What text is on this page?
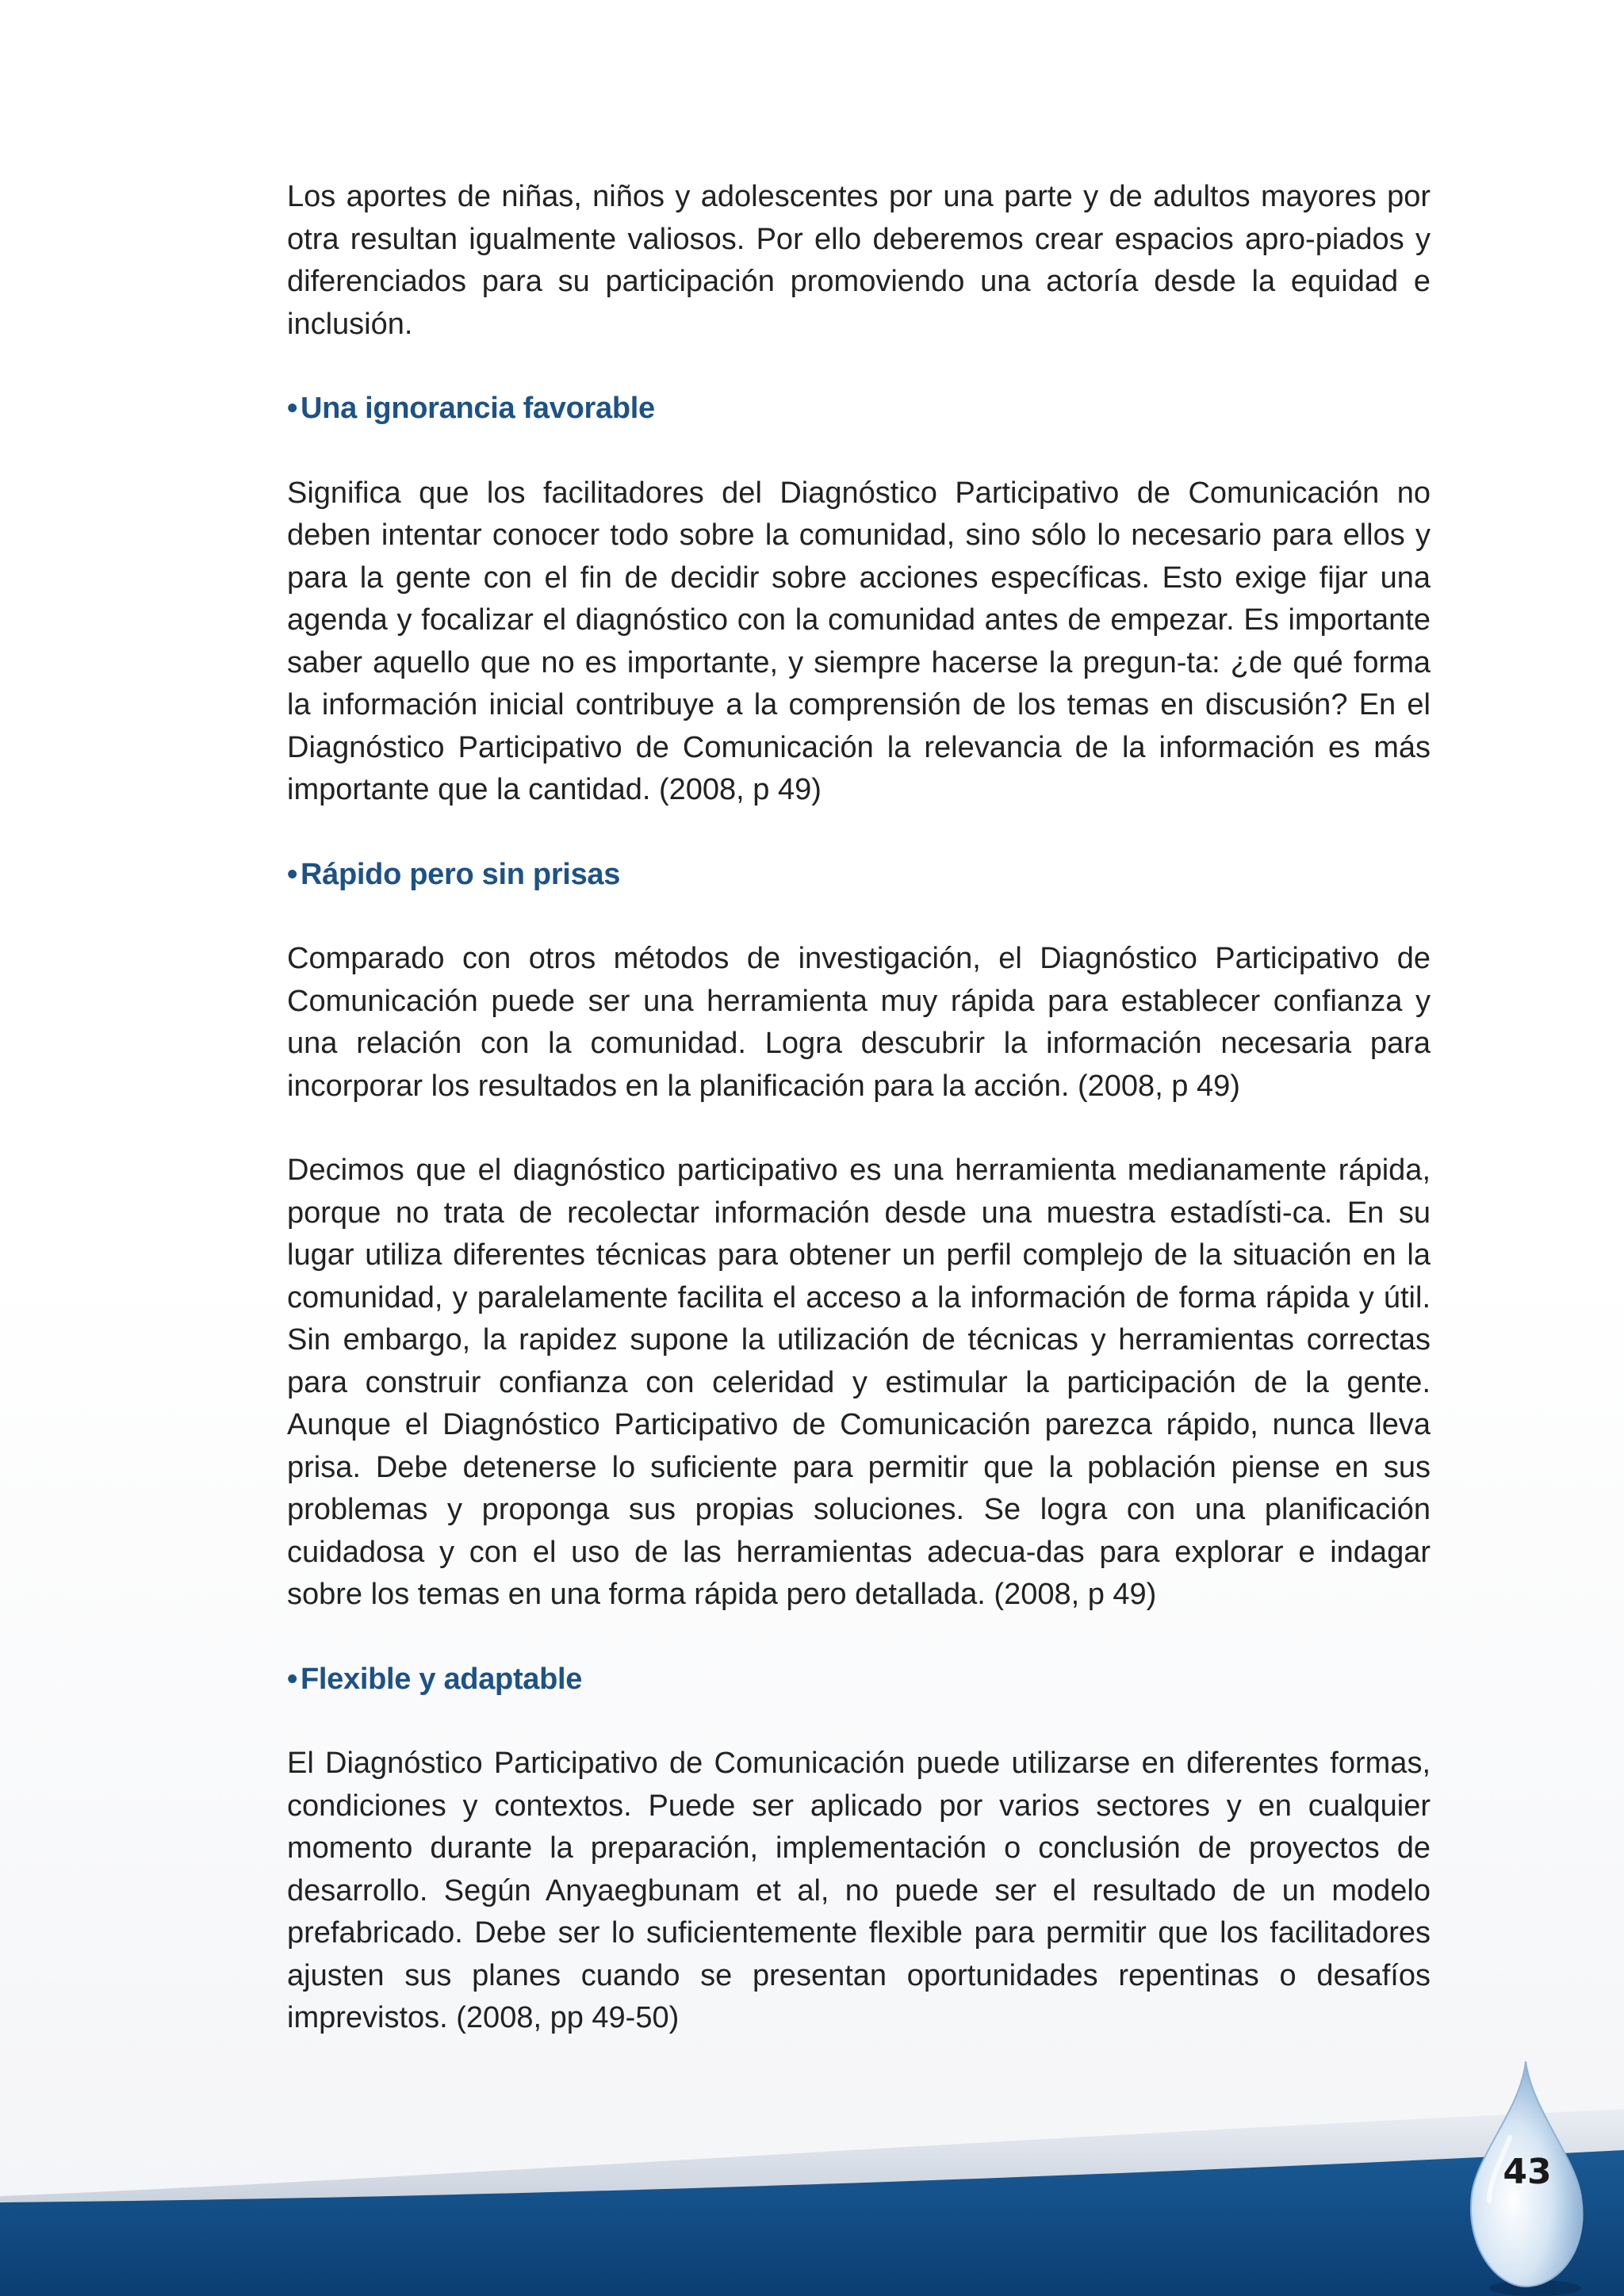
Los aportes de niñas, niños y adolescentes por una parte y de adultos mayores por otra resultan igualmente valiosos. Por ello deberemos crear espacios apro-piados y diferenciados para su participación promoviendo una actoría desde la equidad e inclusión.

• Una ignorancia favorable

Significa que los facilitadores del Diagnóstico Participativo de Comunicación no deben intentar conocer todo sobre la comunidad, sino sólo lo necesario para ellos y para la gente con el fin de decidir sobre acciones específicas. Esto exige fijar una agenda y focalizar el diagnóstico con la comunidad antes de empezar. Es importante saber aquello que no es importante, y siempre hacerse la pregun-ta: ¿de qué forma la información inicial contribuye a la comprensión de los temas en discusión? En el Diagnóstico Participativo de Comunicación la relevancia de la información es más importante que la cantidad. (2008, p 49)

• Rápido pero sin prisas

Comparado con otros métodos de investigación, el Diagnóstico Participativo de Comunicación puede ser una herramienta muy rápida para establecer confianza y una relación con la comunidad. Logra descubrir la información necesaria para incorporar los resultados en la planificación para la acción. (2008, p 49)

Decimos que el diagnóstico participativo es una herramienta medianamente rápida, porque no trata de recolectar información desde una muestra estadísti-ca. En su lugar utiliza diferentes técnicas para obtener un perfil complejo de la situación en la comunidad, y paralelamente facilita el acceso a la información de forma rápida y útil. Sin embargo, la rapidez supone la utilización de técnicas y herramientas correctas para construir confianza con celeridad y estimular la participación de la gente. Aunque el Diagnóstico Participativo de Comunicación parezca rápido, nunca lleva prisa. Debe detenerse lo suficiente para permitir que la población piense en sus problemas y proponga sus propias soluciones. Se logra con una planificación cuidadosa y con el uso de las herramientas adecua-das para explorar e indagar sobre los temas en una forma rápida pero detallada. (2008, p 49)

• Flexible y adaptable

El Diagnóstico Participativo de Comunicación puede utilizarse en diferentes formas, condiciones y contextos. Puede ser aplicado por varios sectores y en cualquier momento durante la preparación, implementación o conclusión de proyectos de desarrollo. Según Anyaegbunam et al, no puede ser el resultado de un modelo prefabricado. Debe ser lo suficientemente flexible para permitir que los facilitadores ajusten sus planes cuando se presentan oportunidades repentinas o desafíos imprevistos. (2008, pp 49-50)

43
